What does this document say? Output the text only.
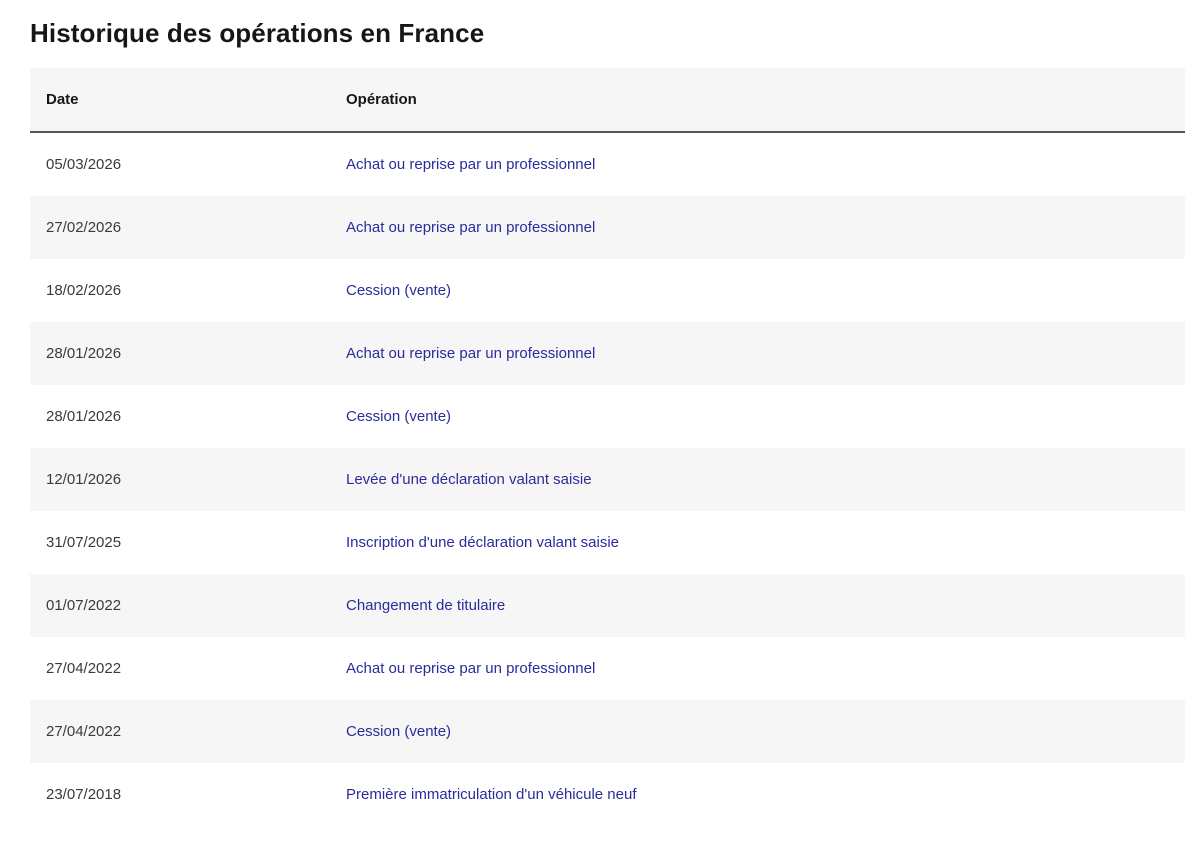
Historique des opérations en France
Date	Opération
05/03/2026	Achat ou reprise par un professionnel
27/02/2026	Achat ou reprise par un professionnel
18/02/2026	Cession (vente)
28/01/2026	Achat ou reprise par un professionnel
28/01/2026	Cession (vente)
12/01/2026	Levée d'une déclaration valant saisie
31/07/2025	Inscription d'une déclaration valant saisie
01/07/2022	Changement de titulaire
27/04/2022	Achat ou reprise par un professionnel
27/04/2022	Cession (vente)
23/07/2018	Première immatriculation d'un véhicule neuf
